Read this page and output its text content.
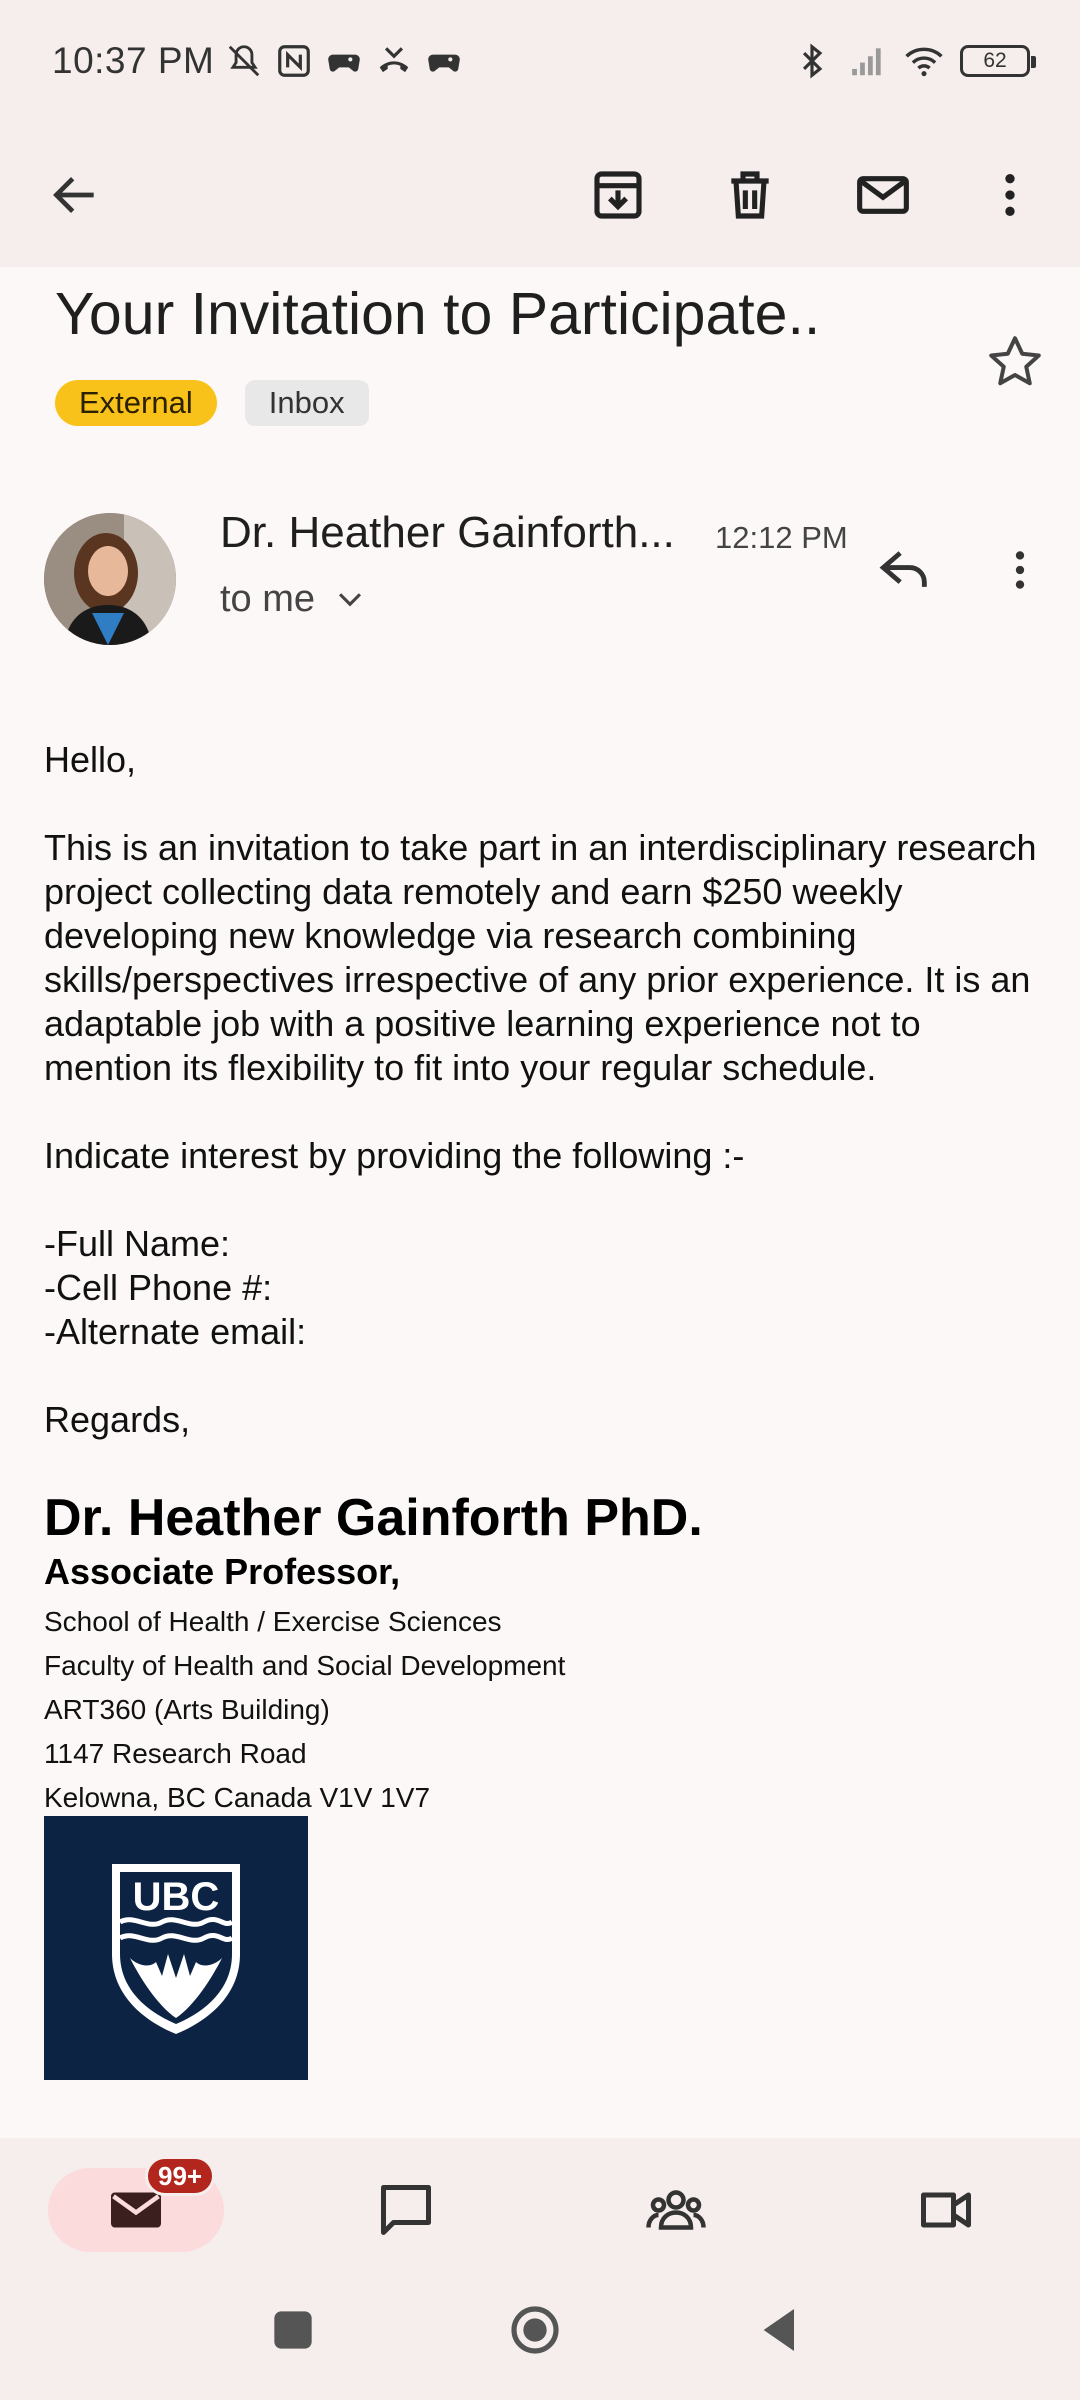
10:37 PM	62
Your Invitation to Participate..
External	Inbox
Dr. Heather Gainforth... 12:12 PM
to me

Hello,

This is an invitation to take part in an interdisciplinary research project collecting data remotely and earn $250 weekly developing new knowledge via research combining skills/perspectives irrespective of any prior experience. It is an adaptable job with a positive learning experience not to mention its flexibility to fit into your regular schedule.

Indicate interest by providing the following :-

-Full Name:

-Cell Phone #:

-Alternate email:

Regards,

Dr. Heather Gainforth PhD.
Associate Professor,
School of Health / Exercise Sciences
Faculty of Health and Social Development
ART360 (Arts Building)
1147 Research Road
Kelowna, BC Canada V1V 1V7
UBC
99+
